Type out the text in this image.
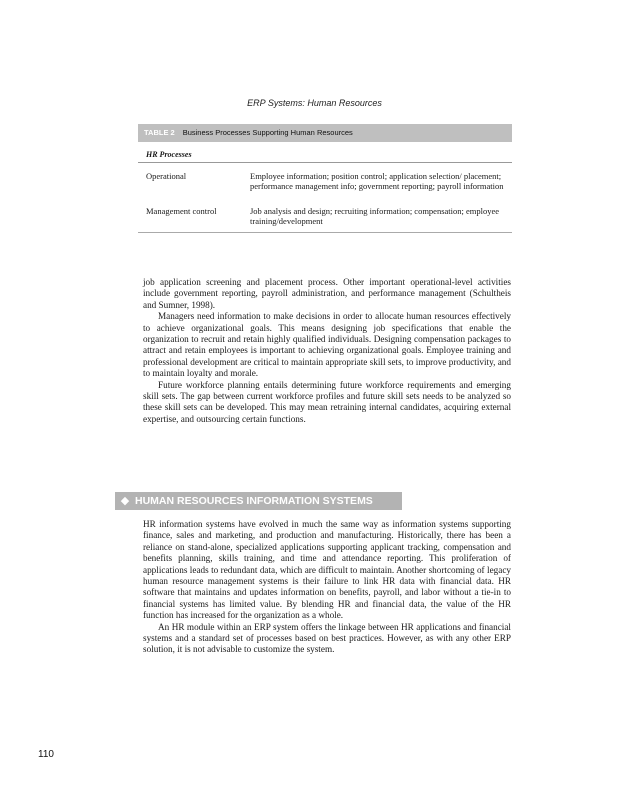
ERP Systems: Human Resources
TABLE 2 Business Processes Supporting Human Resources
HR Processes
Operational	Employee information; position control; application selection/ placement; performance management info; government reporting; payroll information
Management control	Job analysis and design; recruiting information; compensation; employee training/development

job application screening and placement process. Other important operational-level activities include government reporting, payroll administration, and performance management (Schultheis and Sumner, 1998).

Managers need information to make decisions in order to allocate human resources effectively to achieve organizational goals. This means designing job specifications that enable the organization to recruit and retain highly qualified individuals. Designing compensation packages to attract and retain employees is important to achieving organizational goals. Employee training and professional development are critical to maintain appropriate skill sets, to improve productivity, and to maintain loyalty and morale.

Future workforce planning entails determining future workforce requirements and emerging skill sets. The gap between current workforce profiles and future skill sets needs to be analyzed so these skill sets can be developed. This may mean retraining internal candidates, acquiring external expertise, and outsourcing certain functions.

◆ HUMAN RESOURCES INFORMATION SYSTEMS

HR information systems have evolved in much the same way as information systems supporting finance, sales and marketing, and production and manufacturing. Historically, there has been a reliance on stand-alone, specialized applications supporting applicant tracking, compensation and benefits planning, skills training, and time and attendance reporting. This proliferation of applications leads to redundant data, which are difficult to maintain. Another shortcoming of legacy human resource management systems is their failure to link HR data with financial data. HR software that maintains and updates information on benefits, payroll, and labor without a tie-in to financial systems has limited value. By blending HR and financial data, the value of the HR function has increased for the organization as a whole.

An HR module within an ERP system offers the linkage between HR applications and financial systems and a standard set of processes based on best practices. However, as with any other ERP solution, it is not advisable to customize the system.

110
